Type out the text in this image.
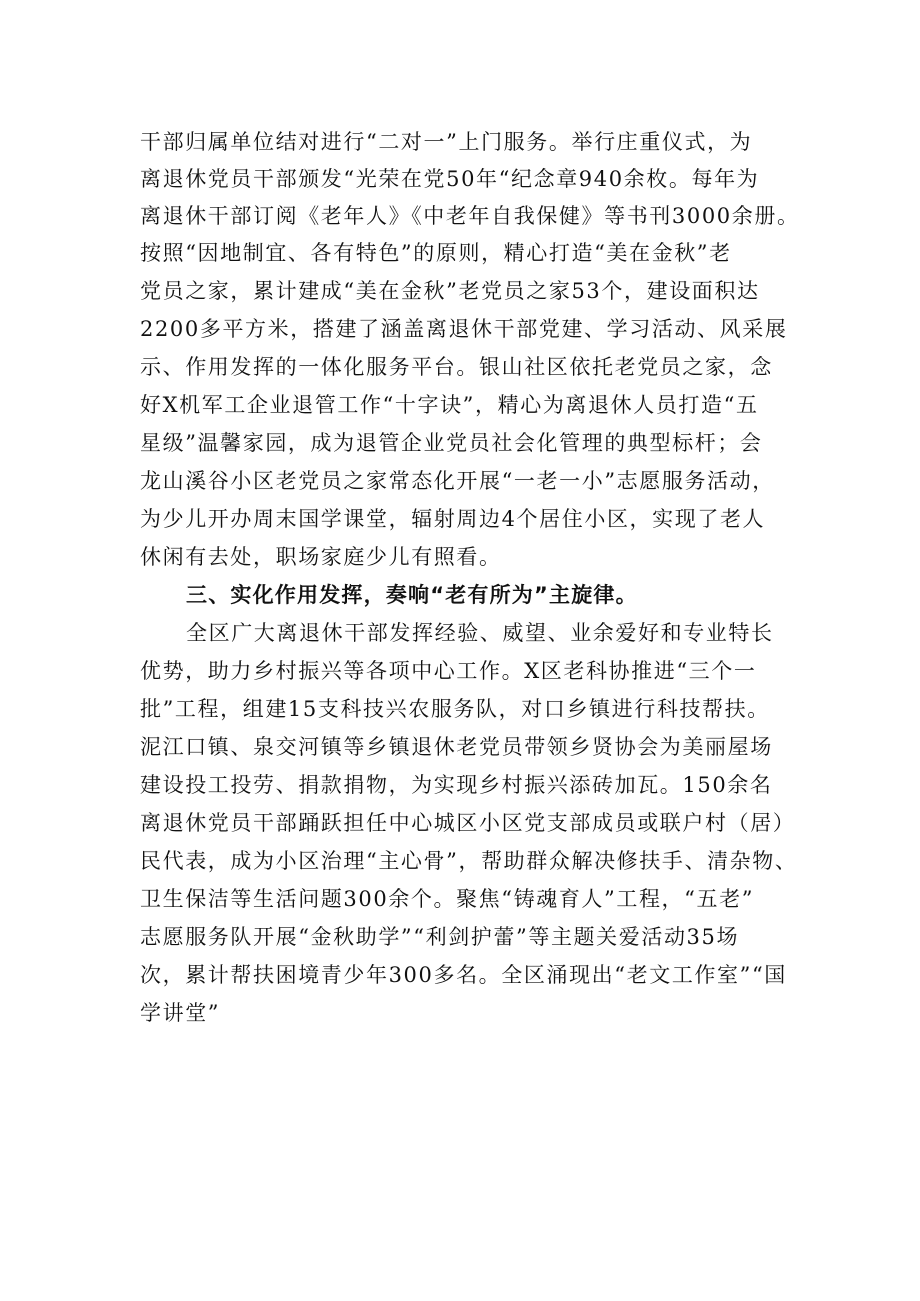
干部归属单位结对进行“二对一”上门服务。举行庄重仪式，为
离退休党员干部颁发“光荣在党50年“纪念章940余枚。每年为
离退休干部订阅《老年人》《中老年自我保健》等书刊3000余册。
按照“因地制宜、各有特色”的原则，精心打造“美在金秋”老
党员之家，累计建成“美在金秋”老党员之家53个，建设面积达
2200多平方米，搭建了涵盖离退休干部党建、学习活动、风采展
示、作用发挥的一体化服务平台。银山社区依托老党员之家，念
好X机军工企业退管工作“十字诀”，精心为离退休人员打造“五
星级”温馨家园，成为退管企业党员社会化管理的典型标杆；会
龙山溪谷小区老党员之家常态化开展“一老一小”志愿服务活动，
为少儿开办周末国学课堂，辐射周边4个居住小区，实现了老人
休闲有去处，职场家庭少儿有照看。
三、实化作用发挥，奏响“老有所为”主旋律。
全区广大离退休干部发挥经验、威望、业余爱好和专业特长
优势，助力乡村振兴等各项中心工作。X区老科协推进“三个一
批”工程，组建15支科技兴农服务队，对口乡镇进行科技帮扶。
泥江口镇、泉交河镇等乡镇退休老党员带领乡贤协会为美丽屋场
建设投工投劳、捐款捐物，为实现乡村振兴添砖加瓦。150余名
离退休党员干部踊跃担任中心城区小区党支部成员或联户村（居）
民代表，成为小区治理“主心骨”，帮助群众解决修扶手、清杂物、
卫生保洁等生活问题300余个。聚焦“铸魂育人”工程，“五老”
志愿服务队开展“金秋助学”“利剑护蕾”等主题关爱活动35场
次，累计帮扶困境青少年300多名。全区涌现出“老文工作室”“国
学讲堂”
